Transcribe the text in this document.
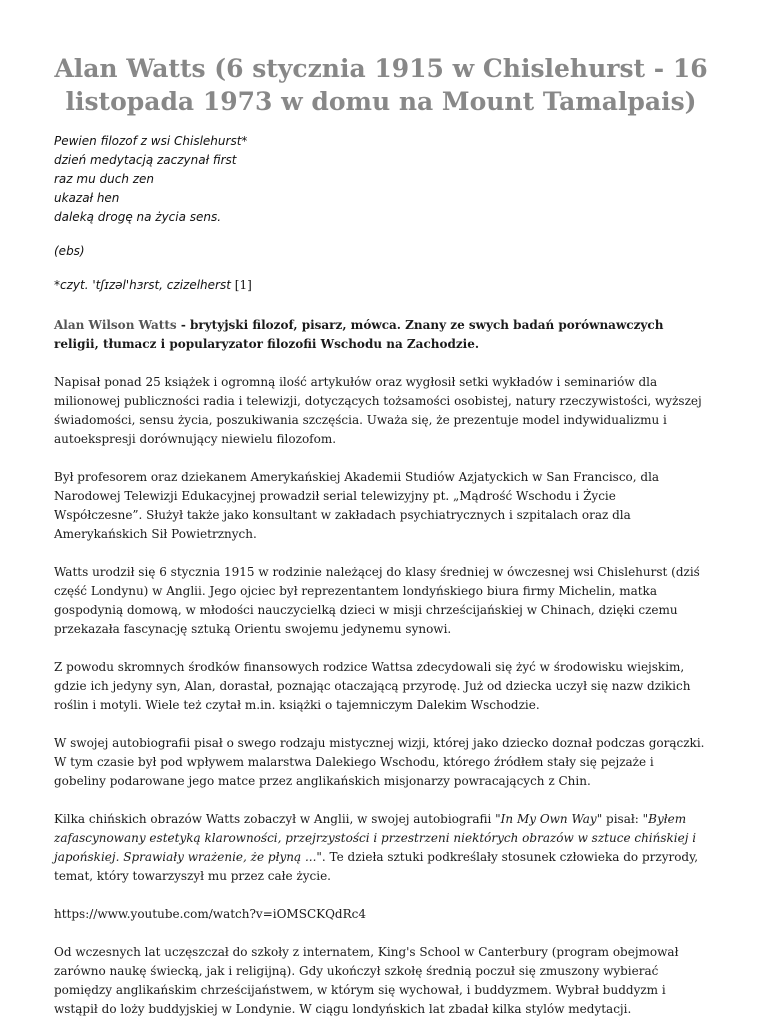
Alan Watts (6 stycznia 1915 w Chislehurst - 16 listopada 1973 w domu na Mount Tamalpais)

Pewien filozof z wsi Chislehurst*

dzień medytacją zaczynał first

raz mu duch zen

ukazał hen

daleką drogę na życia sens.

(ebs)

*czyt. 'tʃɪzəl'hɜrst, czizelherst [1]

Alan Wilson Watts - brytyjski filozof, pisarz, mówca. Znany ze swych badań porównawczych religii, tłumacz i popularyzator filozofii Wschodu na Zachodzie.

Napisał ponad 25 książek i ogromną ilość artykułów oraz wygłosił setki wykładów i seminariów dla milionowej publiczności radia i telewizji, dotyczących tożsamości osobistej, natury rzeczywistości, wyższej świadomości, sensu życia, poszukiwania szczęścia. Uważa się, że prezentuje model indywidualizmu i autoekspresji dorównujący niewielu filozofom.

Był profesorem oraz dziekanem Amerykańskiej Akademii Studiów Azjatyckich w San Francisco, dla Narodowej Telewizji Edukacyjnej prowadził serial telewizyjny pt. „Mądrość Wschodu i Życie Współczesne”. Służył także jako konsultant w zakładach psychiatrycznych i szpitalach oraz dla Amerykańskich Sił Powietrznych.

Watts urodził się 6 stycznia 1915 w rodzinie należącej do klasy średniej w ówczesnej wsi Chislehurst (dziś część Londynu) w Anglii. Jego ojciec był reprezentantem londyńskiego biura firmy Michelin, matka gospodynią domową, w młodości nauczycielką dzieci w misji chrześcijańskiej w Chinach, dzięki czemu przekazała fascynację sztuką Orientu swojemu jedynemu synowi.

Z powodu skromnych środków finansowych rodzice Wattsa zdecydowali się żyć w środowisku wiejskim, gdzie ich jedyny syn, Alan, dorastał, poznając otaczającą przyrodę. Już od dziecka uczył się nazw dzikich roślin i motyli. Wiele też czytał m.in. książki o tajemniczym Dalekim Wschodzie.

W swojej autobiografii pisał o swego rodzaju mistycznej wizji, której jako dziecko doznał podczas gorączki. W tym czasie był pod wpływem malarstwa Dalekiego Wschodu, którego źródłem stały się pejzaże i gobeliny podarowane jego matce przez anglikańskich misjonarzy powracających z Chin.

Kilka chińskich obrazów Watts zobaczył w Anglii, w swojej autobiografii "In My Own Way" pisał: "Byłem zafascynowany estetyką klarowności, przejrzystości i przestrzeni niektórych obrazów w sztuce chińskiej i japońskiej. Sprawiały wrażenie, że płyną ...". Te dzieła sztuki podkreślały stosunek człowieka do przyrody, temat, który towarzyszył mu przez całe życie.

https://www.youtube.com/watch?v=iOMSCKQdRc4

Od wczesnych lat uczęszczał do szkoły z internatem, King's School w Canterbury (program obejmował zarówno naukę świecką, jak i religijną). Gdy ukończył szkołę średnią poczuł się zmuszony wybierać pomiędzy anglikańskim chrześcijaństwem, w którym się wychował, i buddyzmem. Wybrał buddyzm i wstąpił do loży buddyjskiej w Londynie. W ciągu londyńskich lat zbadał kilka stylów medytacji.
